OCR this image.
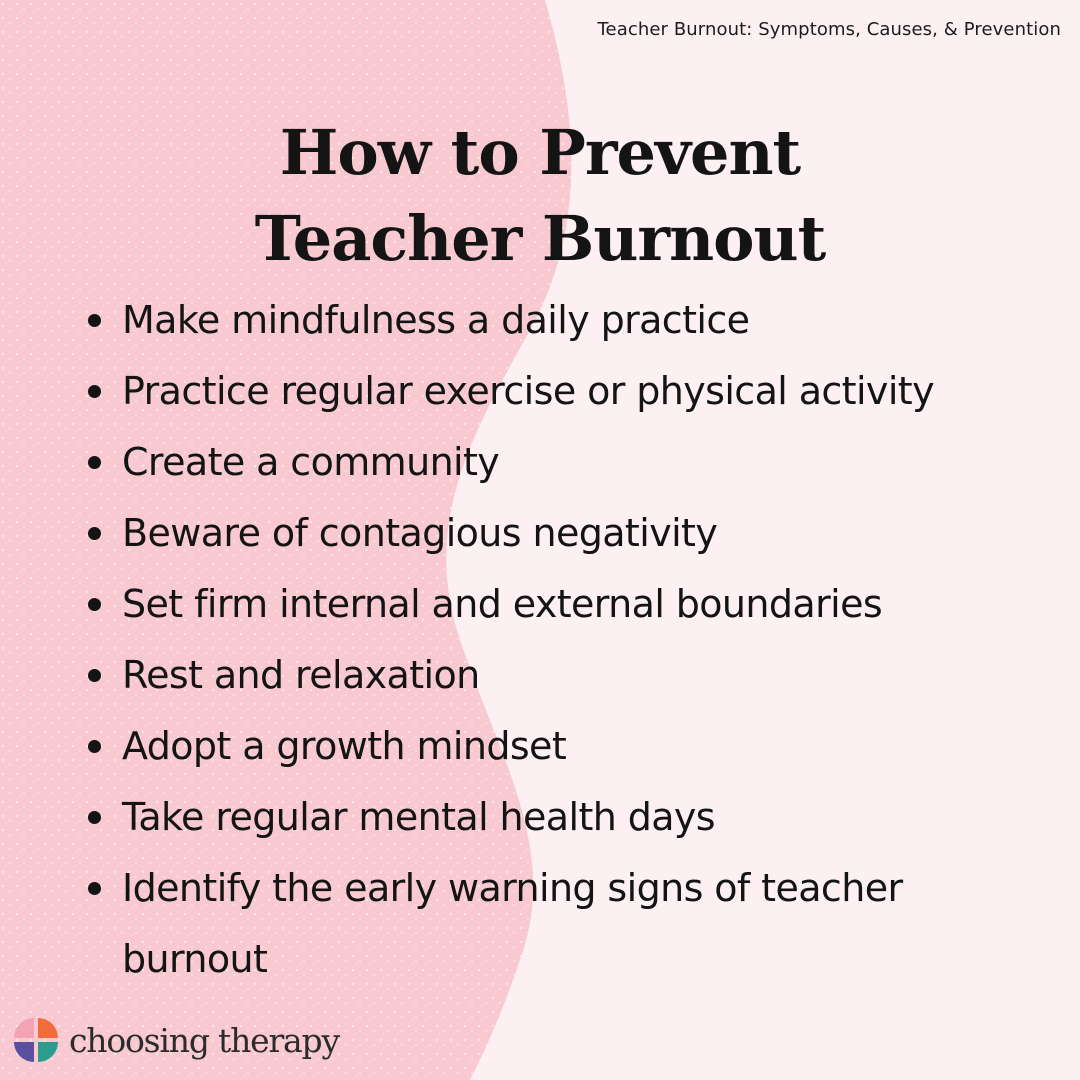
Teacher Burnout: Symptoms, Causes, & Prevention
How to Prevent
Teacher Burnout
Make mindfulness a daily practice
Practice regular exercise or physical activity
Create a community
Beware of contagious negativity
Set firm internal and external boundaries
Rest and relaxation
Adopt a growth mindset
Take regular mental health days
Identify the early warning signs of teacher burnout
choosing therapy
